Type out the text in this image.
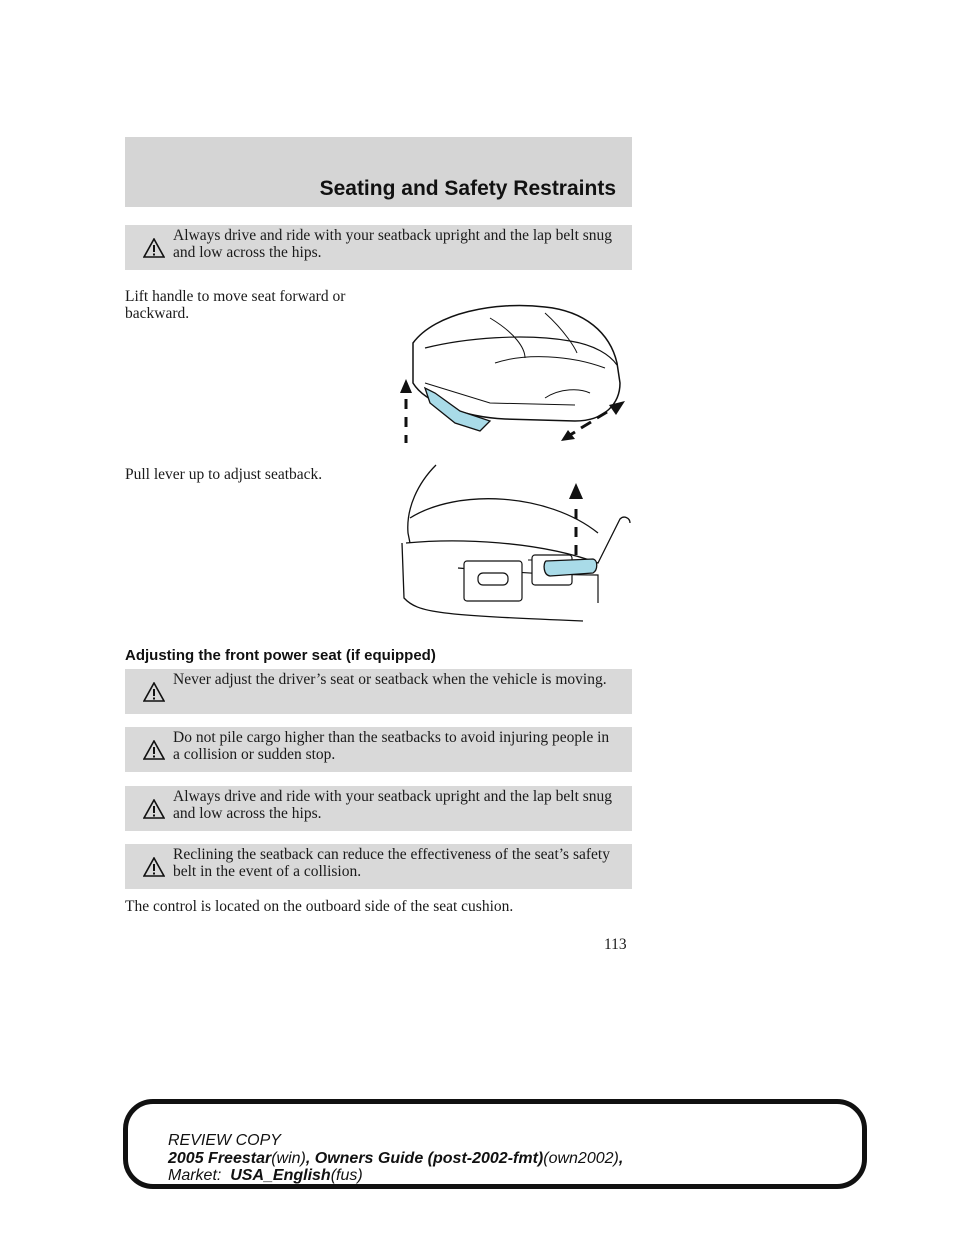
Seating and Safety Restraints
Always drive and ride with your seatback upright and the lap belt snug and low across the hips.
Lift handle to move seat forward or backward.
Pull lever up to adjust seatback.
Adjusting the front power seat (if equipped)
Never adjust the driver’s seat or seatback when the vehicle is moving.
Do not pile cargo higher than the seatbacks to avoid injuring people in a collision or sudden stop.
Always drive and ride with your seatback upright and the lap belt snug and low across the hips.
Reclining the seatback can reduce the effectiveness of the seat’s safety belt in the event of a collision.
The control is located on the outboard side of the seat cushion.
113
REVIEW COPY
2005 Freestar(win), Owners Guide (post-2002-fmt)(own2002),
Market: USA_English(fus)
